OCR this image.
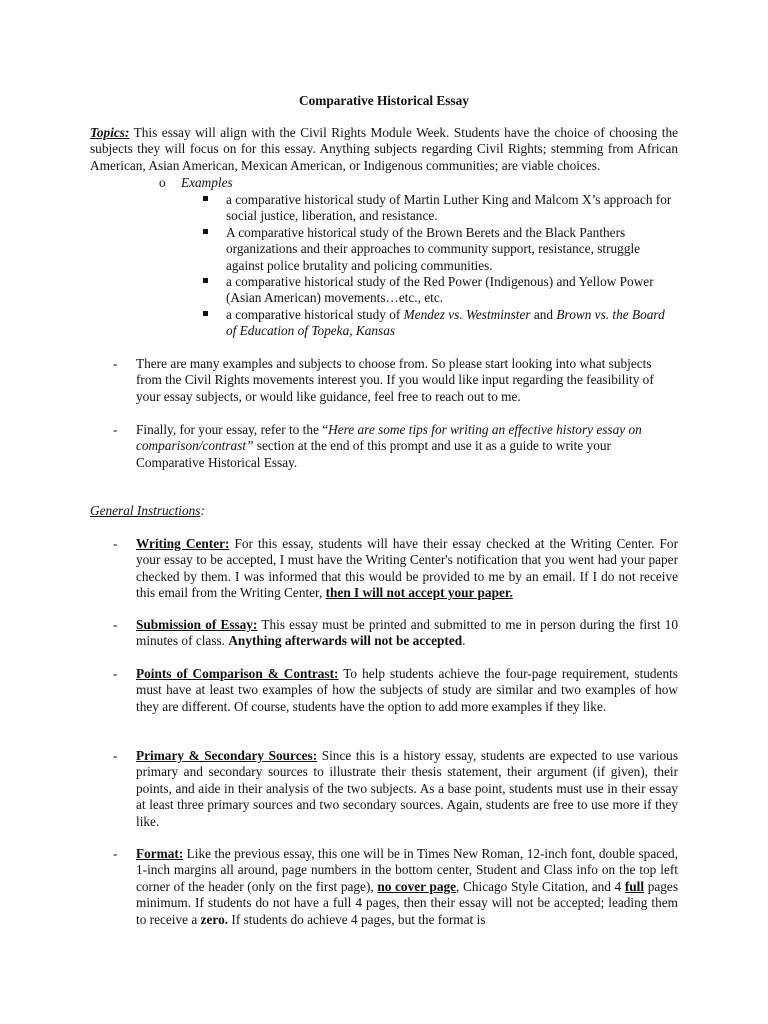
Comparative Historical Essay
Topics: This essay will align with the Civil Rights Module Week. Students have the choice of choosing the subjects they will focus on for this essay. Anything subjects regarding Civil Rights; stemming from African American, Asian American, Mexican American, or Indigenous communities; are viable choices.
o Examples
a comparative historical study of Martin Luther King and Malcom X’s approach for social justice, liberation, and resistance.
A comparative historical study of the Brown Berets and the Black Panthers organizations and their approaches to community support, resistance, struggle against police brutality and policing communities.
a comparative historical study of the Red Power (Indigenous) and Yellow Power (Asian American) movements…etc., etc.
a comparative historical study of Mendez vs. Westminster and Brown vs. the Board of Education of Topeka, Kansas
- There are many examples and subjects to choose from. So please start looking into what subjects from the Civil Rights movements interest you. If you would like input regarding the feasibility of your essay subjects, or would like guidance, feel free to reach out to me.
- Finally, for your essay, refer to the “Here are some tips for writing an effective history essay on comparison/contrast” section at the end of this prompt and use it as a guide to write your Comparative Historical Essay.
General Instructions:
- Writing Center: For this essay, students will have their essay checked at the Writing Center. For your essay to be accepted, I must have the Writing Center's notification that you went had your paper checked by them. I was informed that this would be provided to me by an email. If I do not receive this email from the Writing Center, then I will not accept your paper.
- Submission of Essay: This essay must be printed and submitted to me in person during the first 10 minutes of class. Anything afterwards will not be accepted.
- Points of Comparison & Contrast: To help students achieve the four-page requirement, students must have at least two examples of how the subjects of study are similar and two examples of how they are different. Of course, students have the option to add more examples if they like.
- Primary & Secondary Sources: Since this is a history essay, students are expected to use various primary and secondary sources to illustrate their thesis statement, their argument (if given), their points, and aide in their analysis of the two subjects. As a base point, students must use in their essay at least three primary sources and two secondary sources. Again, students are free to use more if they like.
- Format: Like the previous essay, this one will be in Times New Roman, 12-inch font, double spaced, 1-inch margins all around, page numbers in the bottom center, Student and Class info on the top left corner of the header (only on the first page), no cover page, Chicago Style Citation, and 4 full pages minimum. If students do not have a full 4 pages, then their essay will not be accepted; leading them to receive a zero. If students do achieve 4 pages, but the format is
